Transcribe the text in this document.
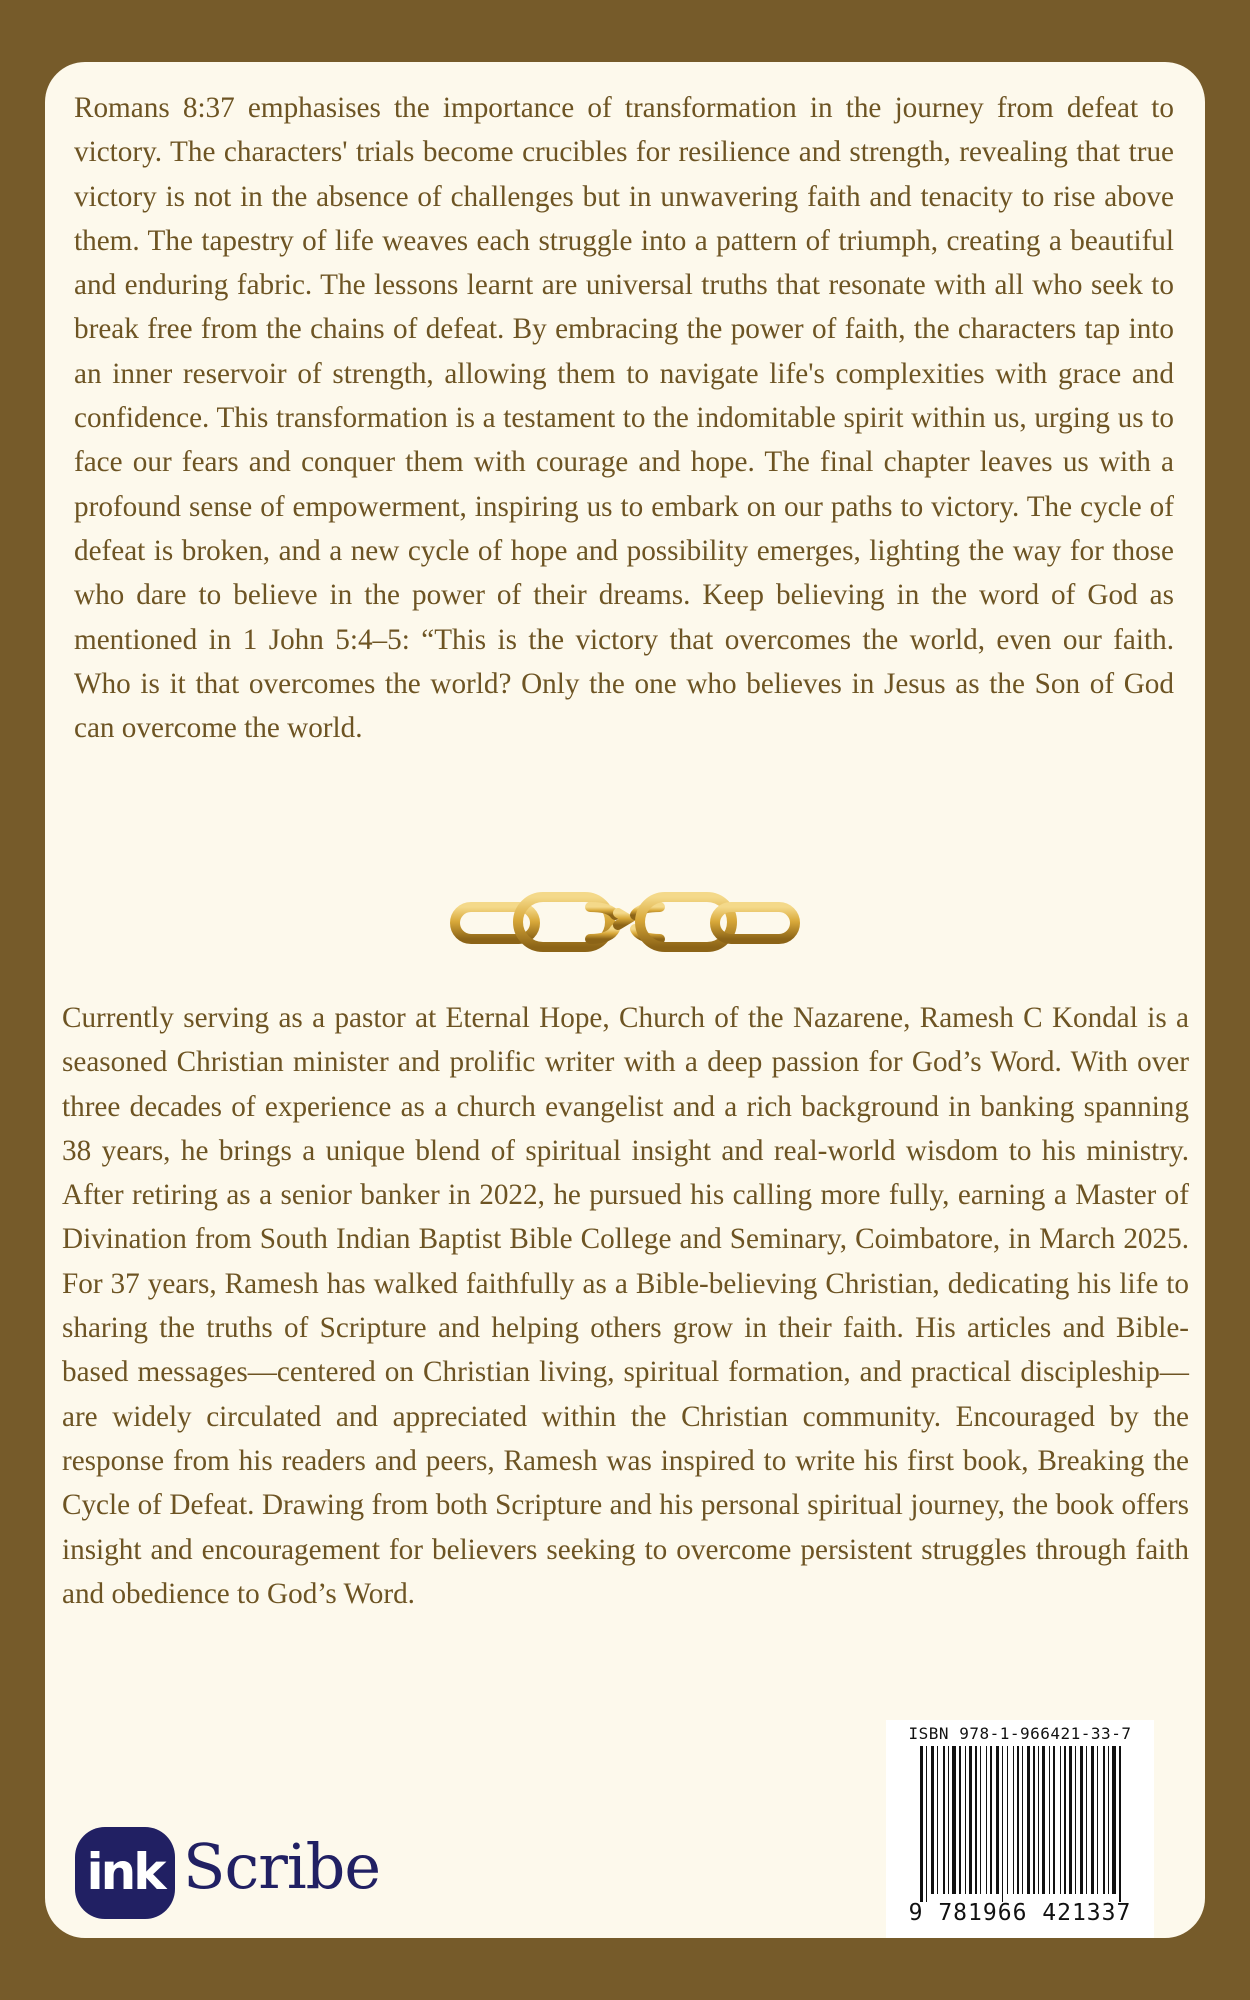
Romans 8:37 emphasises the importance of transformation in the journey from defeat to victory. The characters' trials become crucibles for resilience and strength, revealing that true victory is not in the absence of challenges but in unwavering faith and tenacity to rise above them. The tapestry of life weaves each struggle into a pattern of triumph, creating a beautiful and enduring fabric. The lessons learnt are universal truths that resonate with all who seek to break free from the chains of defeat. By embracing the power of faith, the characters tap into an inner reservoir of strength, allowing them to navigate life's complexities with grace and confidence. This transformation is a testament to the indomitable spirit within us, urging us to face our fears and conquer them with courage and hope. The final chapter leaves us with a profound sense of empowerment, inspiring us to embark on our paths to victory. The cycle of defeat is broken, and a new cycle of hope and possibility emerges, lighting the way for those who dare to believe in the power of their dreams. Keep believing in the word of God as mentioned in 1 John 5:4–5: “This is the victory that overcomes the world, even our faith. Who is it that overcomes the world? Only the one who believes in Jesus as the Son of God can overcome the world.

Currently serving as a pastor at Eternal Hope, Church of the Nazarene, Ramesh C Kondal is a seasoned Christian minister and prolific writer with a deep passion for God’s Word. With over three decades of experience as a church evangelist and a rich background in banking spanning 38 years, he brings a unique blend of spiritual insight and real-world wisdom to his ministry. After retiring as a senior banker in 2022, he pursued his calling more fully, earning a Master of Divination from South Indian Baptist Bible College and Seminary, Coimbatore, in March 2025. For 37 years, Ramesh has walked faithfully as a Bible-believing Christian, dedicating his life to sharing the truths of Scripture and helping others grow in their faith. His articles and Bible-based messages—centered on Christian living, spiritual formation, and practical discipleship—are widely circulated and appreciated within the Christian community. Encouraged by the response from his readers and peers, Ramesh was inspired to write his first book, Breaking the Cycle of Defeat. Drawing from both Scripture and his personal spiritual journey, the book offers insight and encouragement for believers seeking to overcome persistent struggles through faith and obedience to God’s Word.

ISBN 978-1-966421-33-7
9 781966 421337
ink Scribe
